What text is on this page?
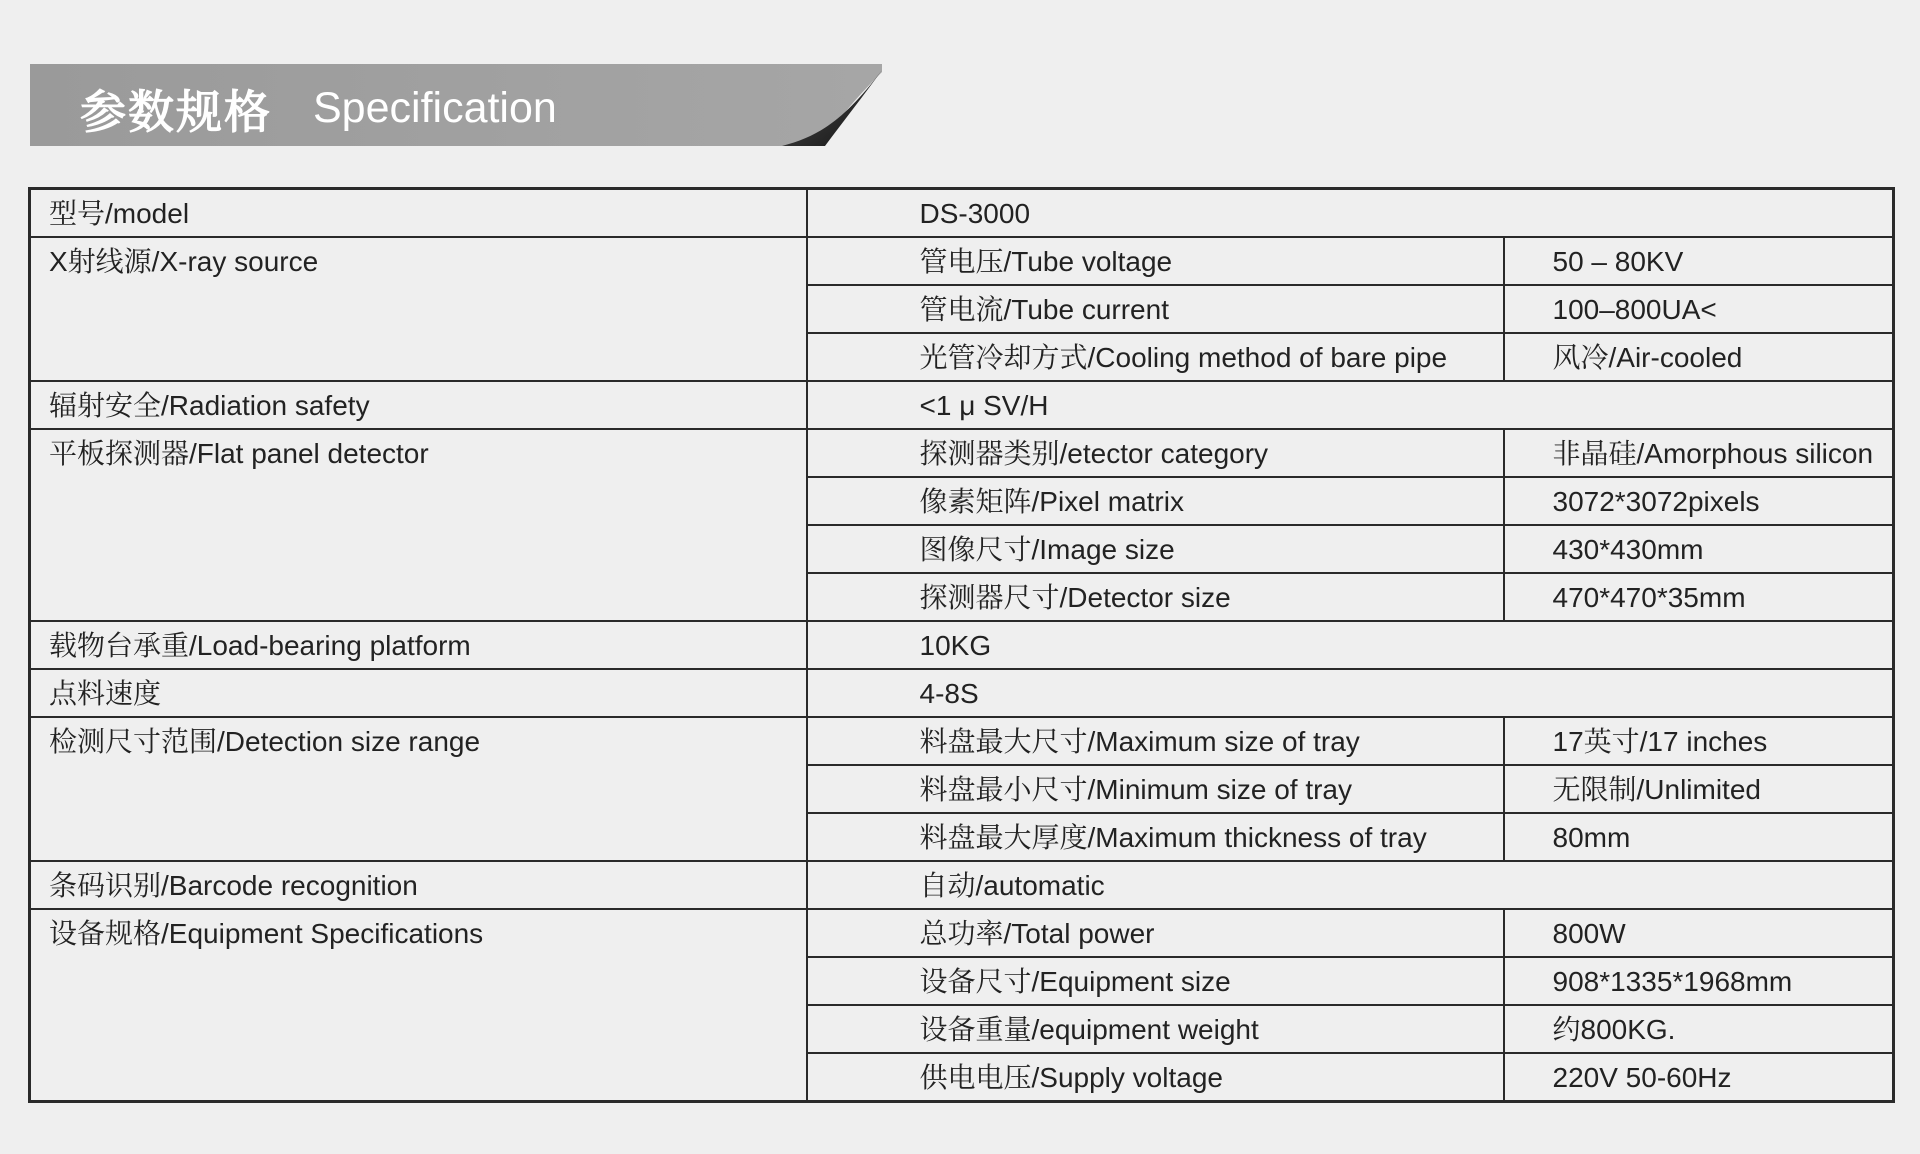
参数规格 Specification
型号/model	DS-3000	
X射线源/X-ray source	管电压/Tube voltage	50 – 80KV
	管电流/Tube current	100–800UA<
	光管冷却方式/Cooling method of bare pipe	风冷/Air-cooled
辐射安全/Radiation safety	<1 μ SV/H	
平板探测器/Flat panel detector	探测器类别/etector category	非晶硅/Amorphous silicon
	像素矩阵/Pixel matrix	3072*3072pixels
	图像尺寸/Image size	430*430mm
	探测器尺寸/Detector size	470*470*35mm
载物台承重/Load-bearing platform	10KG	
点料速度	4-8S	
检测尺寸范围/Detection size range	料盘最大尺寸/Maximum size of tray	17英寸/17 inches
	料盘最小尺寸/Minimum size of tray	无限制/Unlimited
	料盘最大厚度/Maximum thickness of tray	80mm
条码识别/Barcode recognition	自动/automatic	
设备规格/Equipment Specifications	总功率/Total power	800W
	设备尺寸/Equipment size	908*1335*1968mm
	设备重量/equipment weight	约800KG.
	供电电压/Supply voltage	220V 50-60Hz
